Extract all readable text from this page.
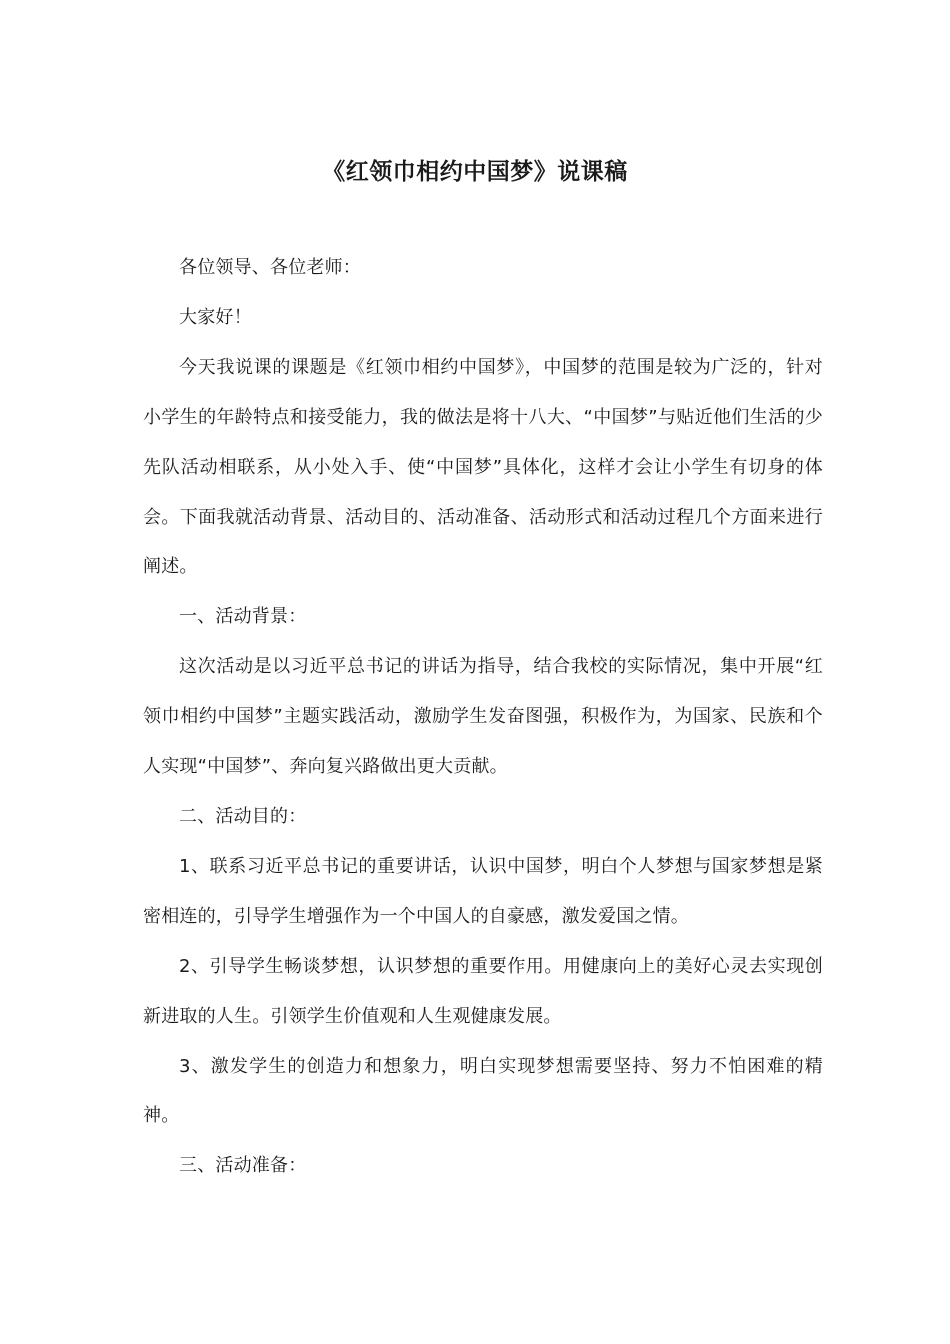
《红领巾相约中国梦》说课稿

各位领导、各位老师：

大家好！

今天我说课的课题是《红领巾相约中国梦》，中国梦的范围是较为广泛的，针对小学生的年龄特点和接受能力，我的做法是将十八大、“中国梦”与贴近他们生活的少先队活动相联系，从小处入手、使“中国梦”具体化，这样才会让小学生有切身的体会。下面我就活动背景、活动目的、活动准备、活动形式和活动过程几个方面来进行阐述。

一、活动背景：

这次活动是以习近平总书记的讲话为指导，结合我校的实际情况，集中开展“红领巾相约中国梦”主题实践活动，激励学生发奋图强，积极作为，为国家、民族和个人实现“中国梦”、奔向复兴路做出更大贡献。

二、活动目的：

1、联系习近平总书记的重要讲话，认识中国梦，明白个人梦想与国家梦想是紧密相连的，引导学生增强作为一个中国人的自豪感，激发爱国之情。

2、引导学生畅谈梦想，认识梦想的重要作用。用健康向上的美好心灵去实现创新进取的人生。引领学生价值观和人生观健康发展。

3、激发学生的创造力和想象力，明白实现梦想需要坚持、努力不怕困难的精神。

三、活动准备：
